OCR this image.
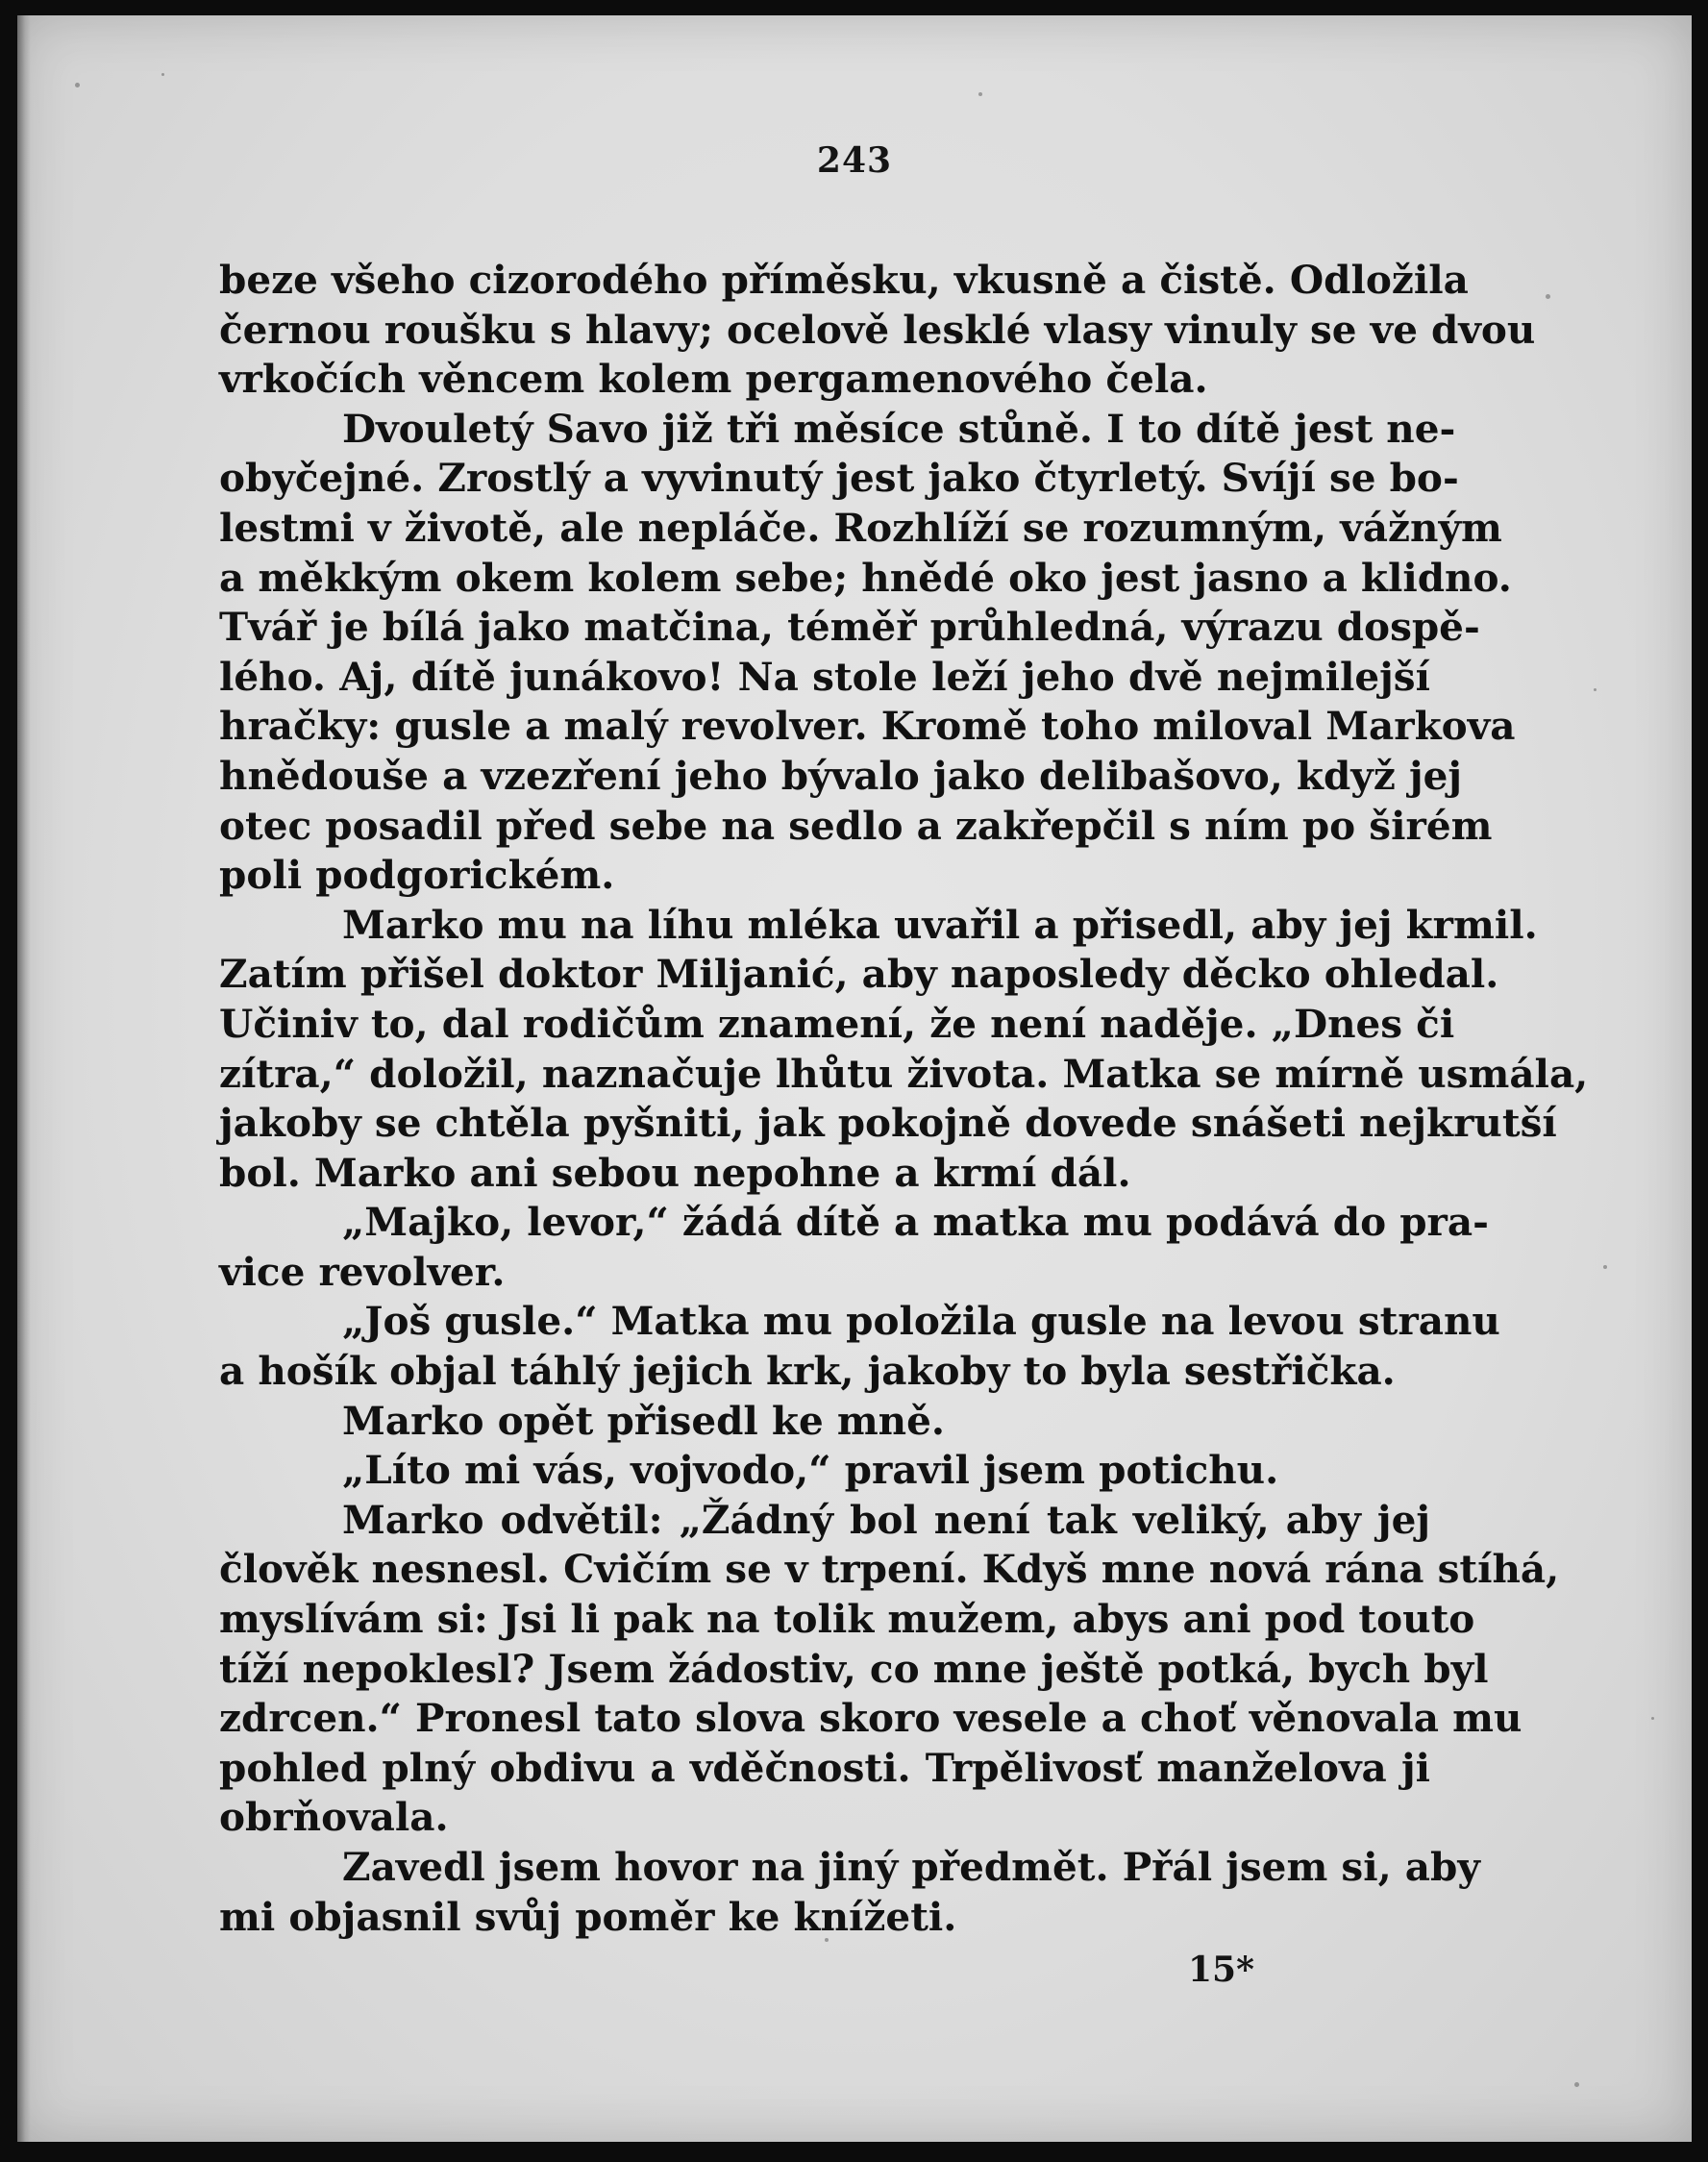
243
beze všeho cizorodého příměsku, vkusně a čistě. Odložila
černou roušku s hlavy; ocelově lesklé vlasy vinuly se ve dvou
vrkočích věncem kolem pergamenového čela.
Dvouletý Savo již tři měsíce stůně. I to dítě jest ne-
obyčejné. Zrostlý a vyvinutý jest jako čtyrletý. Svíjí se bo-
lestmi v životě, ale nepláče. Rozhlíží se rozumným, vážným
a měkkým okem kolem sebe; hnědé oko jest jasno a klidno.
Tvář je bílá jako matčina, téměř průhledná, výrazu dospě-
lého. Aj, dítě junákovo! Na stole leží jeho dvě nejmilejší
hračky: gusle a malý revolver. Kromě toho miloval Markova
hnědouše a vzezření jeho bývalo jako delibašovo, když jej
otec posadil před sebe na sedlo a zakřepčil s ním po širém
poli podgorickém.
Marko mu na líhu mléka uvařil a přisedl, aby jej krmil.
Zatím přišel doktor Miljanić, aby naposledy děcko ohledal.
Učiniv to, dal rodičům znamení, že není naděje. „Dnes či
zítra,“ doložil, naznačuje lhůtu života. Matka se mírně usmála,
jakoby se chtěla pyšniti, jak pokojně dovede snášeti nejkrutší
bol. Marko ani sebou nepohne a krmí dál.
„Majko, levor,“ žádá dítě a matka mu podává do pra-
vice revolver.
„Još gusle.“ Matka mu položila gusle na levou stranu
a hošík objal táhlý jejich krk, jakoby to byla sestřička.
Marko opět přisedl ke mně.
„Líto mi vás, vojvodo,“ pravil jsem potichu.
Marko odvětil: „Žádný bol není tak veliký, aby jej
člověk nesnesl. Cvičím se v trpení. Kdyš mne nová rána stíhá,
myslívám si: Jsi li pak na tolik mužem, abys ani pod touto
tíží nepoklesl? Jsem žádostiv, co mne ještě potká, bych byl
zdrcen.“ Pronesl tato slova skoro vesele a choť věnovala mu
pohled plný obdivu a vděčnosti. Trpělivosť manželova ji
obrňovala.
Zavedl jsem hovor na jiný předmět. Přál jsem si, aby
mi objasnil svůj poměr ke knížeti.
15*
